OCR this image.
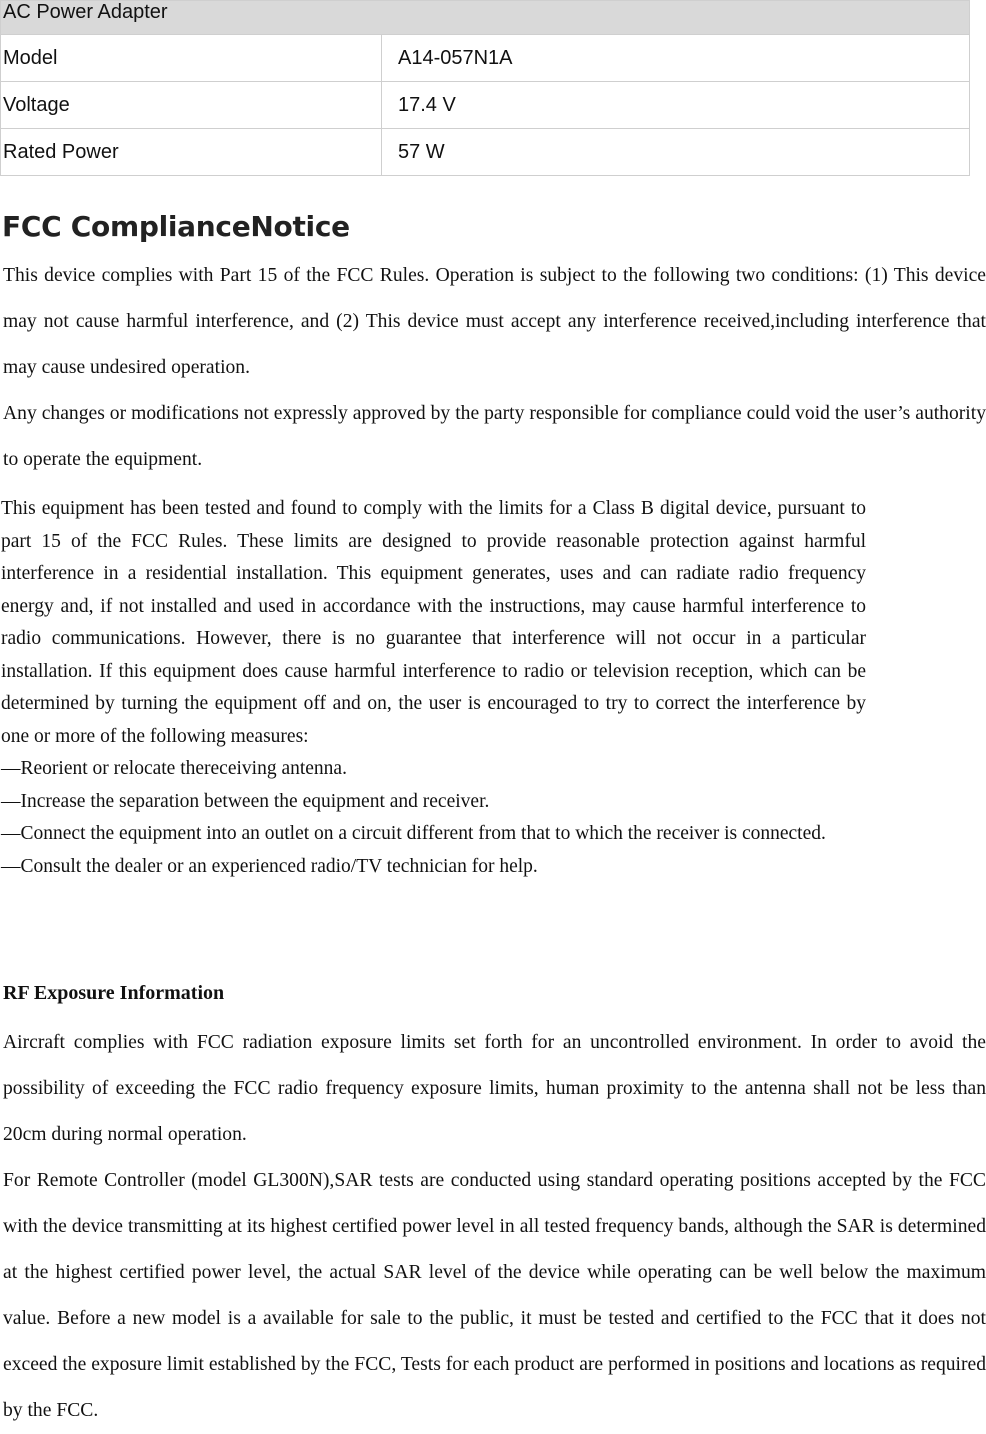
AC Power Adapter	
Model	A14-057N1A
Voltage	17.4 V
Rated Power	57 W
FCC ComplianceNotice

This device complies with Part 15 of the FCC Rules. Operation is subject to the following two conditions: (1) This device may not cause harmful interference, and (2) This device must accept any interference received,including interference that may cause undesired operation.

Any changes or modifications not expressly approved by the party responsible for compliance could void the user’s authority to operate the equipment.

This equipment has been tested and found to comply with the limits for a Class B digital device, pursuant to part 15 of the FCC Rules. These limits are designed to provide reasonable protection against harmful interference in a residential installation. This equipment generates, uses and can radiate radio frequency energy and, if not installed and used in accordance with the instructions, may cause harmful interference to radio communications. However, there is no guarantee that interference will not occur in a particular installation. If this equipment does cause harmful interference to radio or television reception, which can be determined by turning the equipment off and on, the user is encouraged to try to correct the interference by one or more of the following measures:

—Reorient or relocate thereceiving antenna.
—Increase the separation between the equipment and receiver.

—Connect the equipment into an outlet on a circuit different from that to which the receiver is connected.

—Consult the dealer or an experienced radio/TV technician for help.
RF Exposure Information

Aircraft complies with FCC radiation exposure limits set forth for an uncontrolled environment. In order to avoid the possibility of exceeding the FCC radio frequency exposure limits, human proximity to the antenna shall not be less than 20cm during normal operation.

For Remote Controller (model GL300N),SAR tests are conducted using standard operating positions accepted by the FCC with the device transmitting at its highest certified power level in all tested frequency bands, although the SAR is determined at the highest certified power level, the actual SAR level of the device while operating can be well below the maximum value. Before a new model is a available for sale to the public, it must be tested and certified to the FCC that it does not exceed the exposure limit established by the FCC, Tests for each product are performed in positions and locations as required by the FCC.
